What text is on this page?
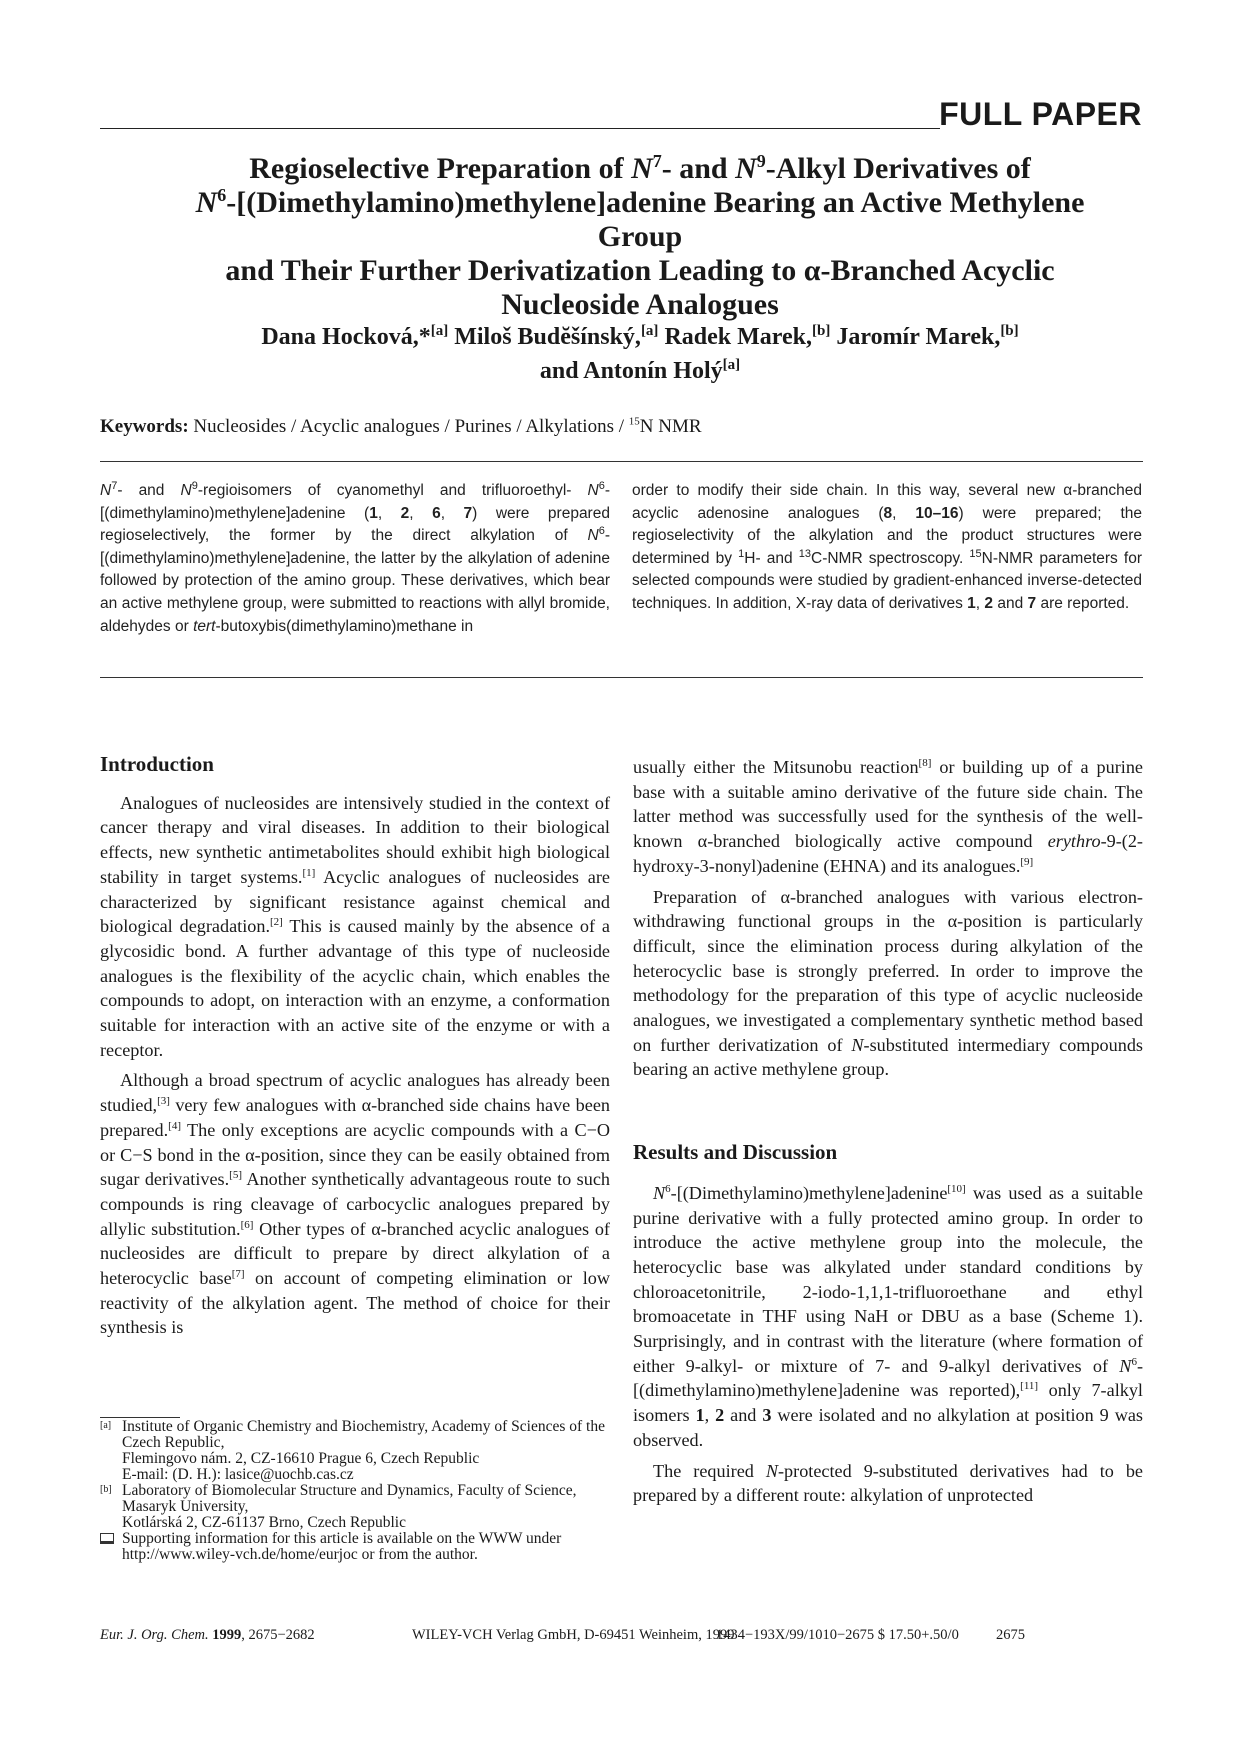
FULL PAPER
Regioselective Preparation of $N^7-$ and $N^9$-Alkyl Derivatives of
$N^6-[(Dimethylamino)methylene]adenine$ Bearing an Active Methylene Group
and Their Further Derivatization Leading to α-Branched Acyclic
Nucleoside Analogues
Dana Hocková,*[a] Miloš Budĕšínský,[a] Radek Marek,[b] Jaromír Marek,[b]
and Antonín Holý[a]
Keywords: Nucleosides / Acyclic analogues / Purines / Alkylations / $^{15}$N NMR
$N^7-$ and $N^9$-regioisomers of cyanomethyl and trifluoroethyl- $N^6-[(dimethylamino)methylene]adenine$ (1, 2, 6, 7) were prepared regioselectively, the former by the direct alkylation of $N^6-[(dimethylamino)methylene]adenine$, the latter by the alkylation of adenine followed by protection of the amino group. These derivatives, which bear an active methylene group, were submitted to reactions with allyl bromide, aldehydes or tert-butoxybis(dimethylamino)methane in
order to modify their side chain. In this way, several new α-branched acyclic adenosine analogues (8, 10–16) were prepared; the regioselectivity of the alkylation and the product structures were determined by $^1$H- and $^{13}$C-NMR spectroscopy. $^{15}$N-NMR parameters for selected compounds were studied by gradient-enhanced inverse-detected techniques. In addition, X-ray data of derivatives 1, 2 and 7 are reported.
Introduction

Analogues of nucleosides are intensively studied in the context of cancer therapy and viral diseases. In addition to their biological effects, new synthetic antimetabolites should exhibit high biological stability in target systems.[1] Acyclic analogues of nucleosides are characterized by significant resistance against chemical and biological degradation.[2] This is caused mainly by the absence of a glycosidic bond. A further advantage of this type of nucleoside analogues is the flexibility of the acyclic chain, which enables the compounds to adopt, on interaction with an enzyme, a conformation suitable for interaction with an active site of the enzyme or with a receptor.

Although a broad spectrum of acyclic analogues has already been studied,[3] very few analogues with α-branched side chains have been prepared.[4] The only exceptions are acyclic compounds with a C−O or C−S bond in the α-position, since they can be easily obtained from sugar derivatives.[5] Another synthetically advantageous route to such compounds is ring cleavage of carbocyclic analogues prepared by allylic substitution.[6] Other types of α-branched acyclic analogues of nucleosides are difficult to prepare by direct alkylation of a heterocyclic base[7] on account of competing elimination or low reactivity of the alkylation agent. The method of choice for their synthesis is

usually either the Mitsunobu reaction[8] or building up of a purine base with a suitable amino derivative of the future side chain. The latter method was successfully used for the synthesis of the well-known α-branched biologically active compound erythro-9-(2-hydroxy-3-nonyl)adenine (EHNA) and its analogues.[9]

Preparation of α-branched analogues with various electron-withdrawing functional groups in the α-position is particularly difficult, since the elimination process during alkylation of the heterocyclic base is strongly preferred. In order to improve the methodology for the preparation of this type of acyclic nucleoside analogues, we investigated a complementary synthetic method based on further derivatization of N-substituted intermediary compounds bearing an active methylene group.

Results and Discussion

$N^6-[(Dimethylamino)methylene]adenine[10]$ was used as a suitable purine derivative with a fully protected amino group. In order to introduce the active methylene group into the molecule, the heterocyclic base was alkylated under standard conditions by chloroacetonitrile, 2-iodo-1,1,1-trifluoroethane and ethyl bromoacetate in THF using NaH or DBU as a base (Scheme 1). Surprisingly, and in contrast with the literature (where formation of either 9-alkyl- or mixture of 7- and 9-alkyl derivatives of $N^6-[(dimethylamino)methylene]adenine$ was reported),[11] only 7-alkyl isomers 1, 2 and 3 were isolated and no alkylation at position 9 was observed.

The required N-protected 9-substituted derivatives had to be prepared by a different route: alkylation of unprotected

[a] Institute of Organic Chemistry and Biochemistry, Academy of Sciences of the Czech Republic,
Flemingovo nám. 2, CZ-16610 Prague 6, Czech Republic
E-mail: (D. H.): lasice@uochb.cas.cz
[b] Laboratory of Biomolecular Structure and Dynamics, Faculty of Science, Masaryk University,
Kotlárská 2, CZ-61137 Brno, Czech Republic
Supporting information for this article is available on the WWW under http://www.wiley-vch.de/home/eurjoc or from the author.
Eur. J. Org. Chem. 1999, 2675−2682	WILEY-VCH Verlag GmbH, D-69451 Weinheim, 1999
1434−193X/99/1010−2675 $ 17.50+.50/0	2675
